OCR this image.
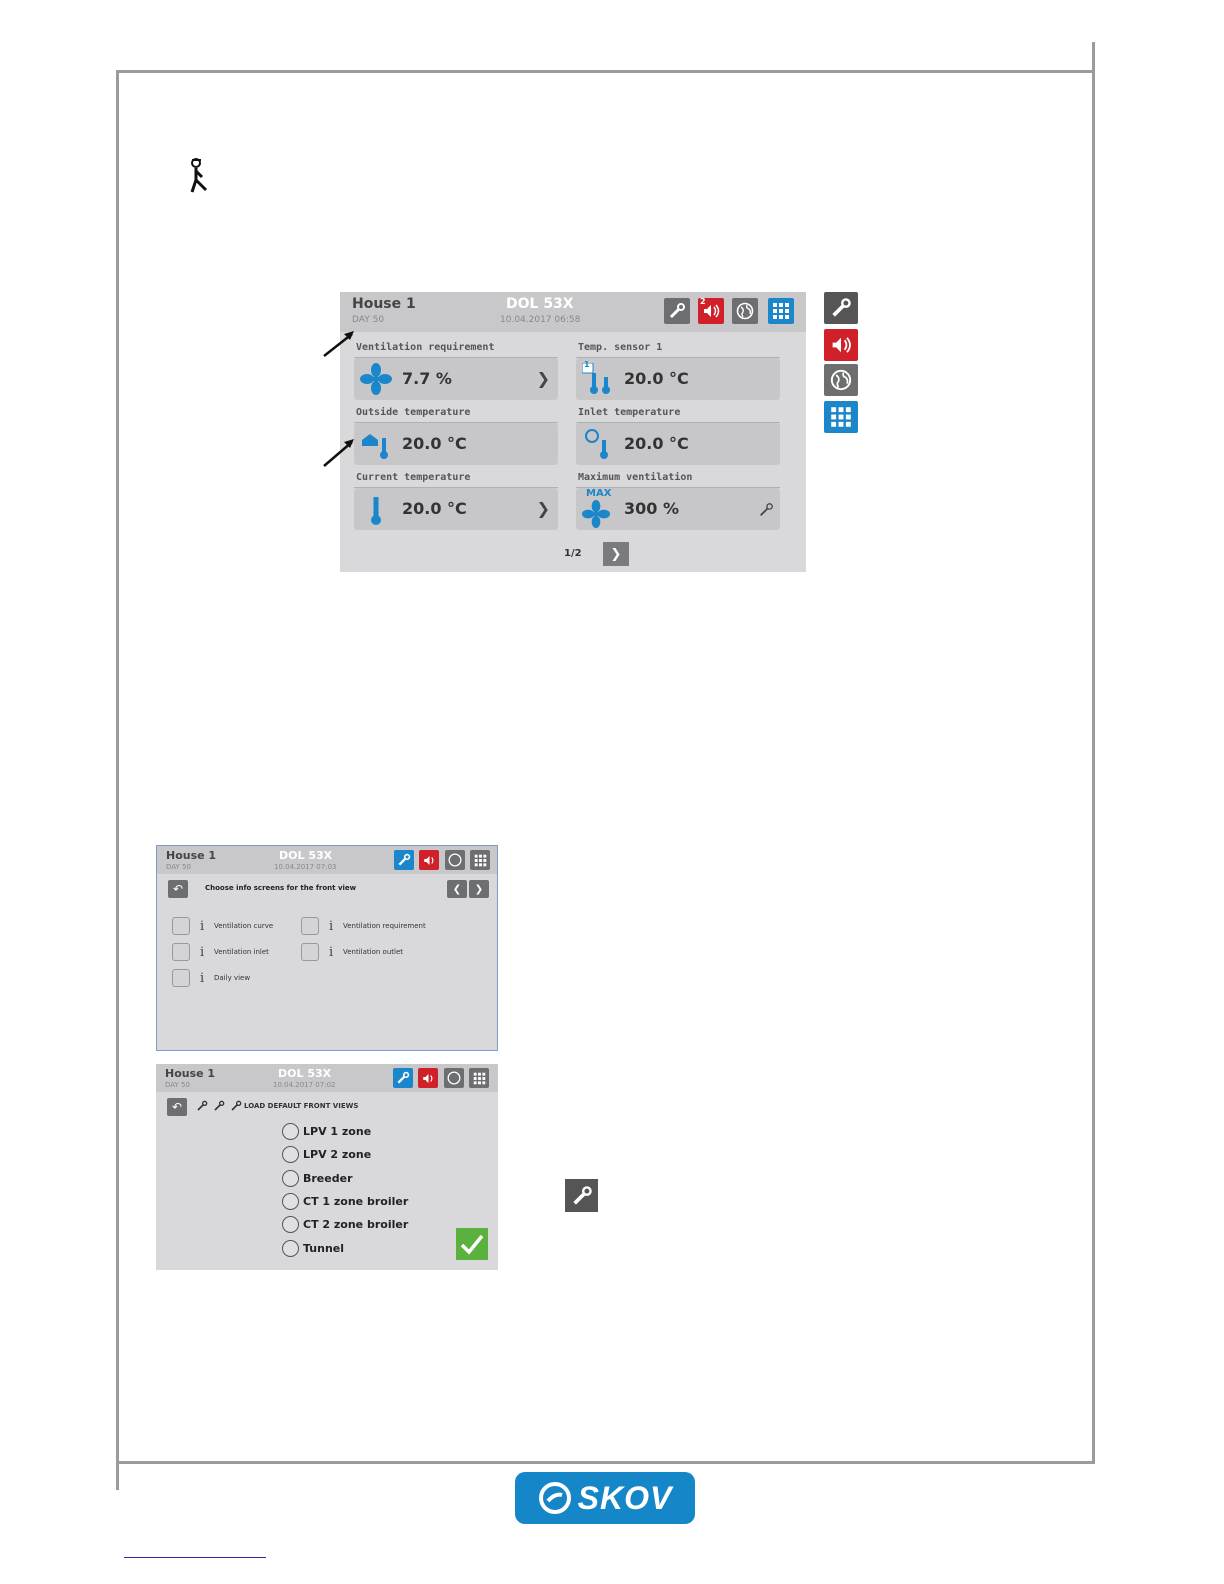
House 1
DAY 50
DOL 53X
10.04.2017 06:58
2
Ventilation requirement
7.7 %	❯
Temp. sensor 1
1
20.0 °C
Outside temperature
20.0 °C
Inlet temperature
20.0 °C
Current temperature
20.0 °C	❯
Maximum ventilation
MAX
300 %
1/2 ❯
House 1
DAY 50
DOL 53X
10.04.2017 07:03
↶	Choose info screens for the front view	❮ ❯
i	Ventilation curve	i	Ventilation requirement
i	Ventilation inlet	i	Ventilation outlet
i	Daily view
House 1
DAY 50
DOL 53X
10.04.2017 07:02
↶	LOAD DEFAULT FRONT VIEWS
LPV 1 zone
LPV 2 zone
Breeder
CT 1 zone broiler
CT 2 zone broiler
Tunnel
SKOV
